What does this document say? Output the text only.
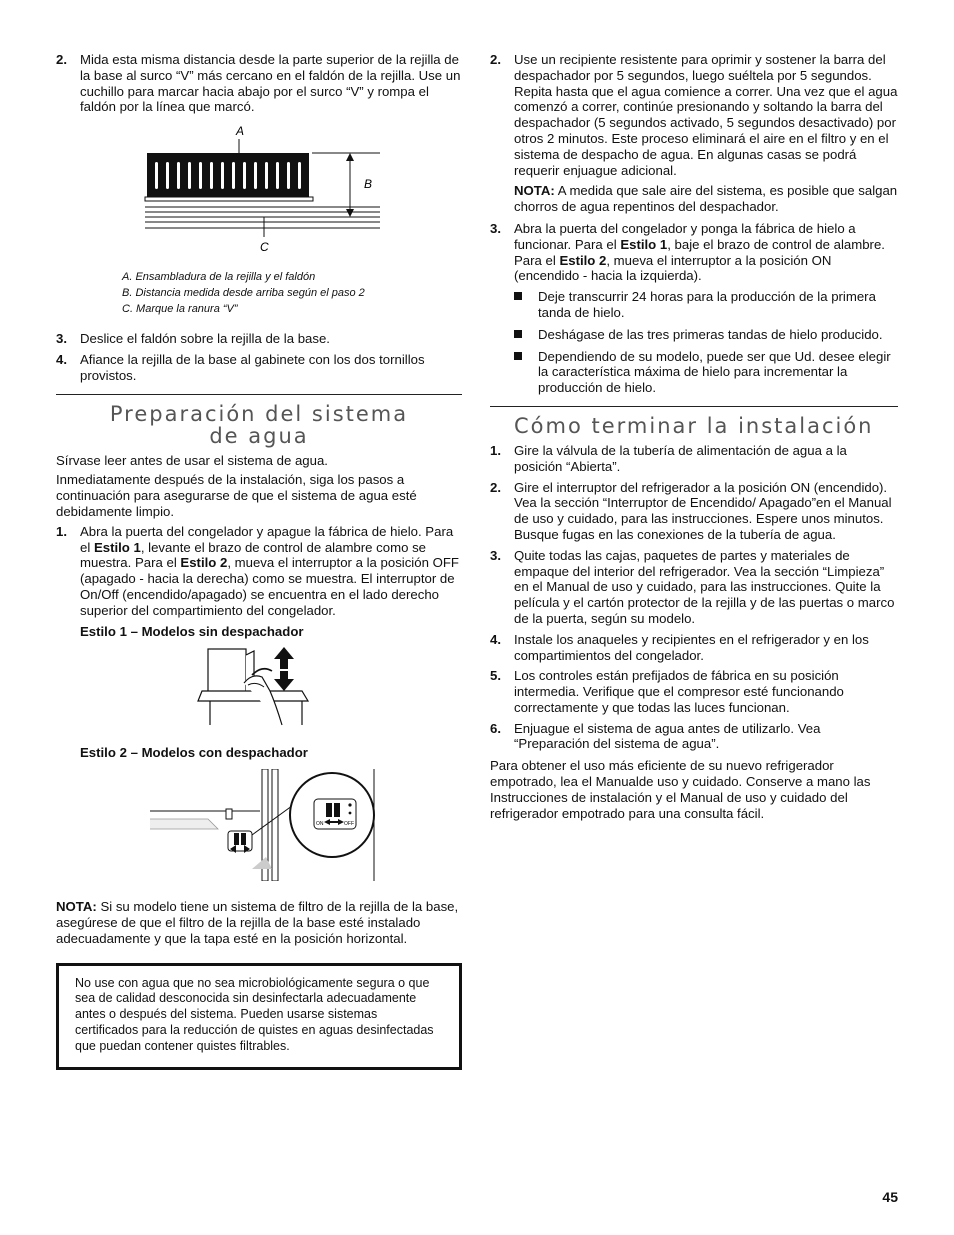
2. Mida esta misma distancia desde la parte superior de la rejilla de la base al surco “V” más cercano en el faldón de la rejilla. Use un cuchillo para marcar hacia abajo por el surco “V” y rompa el faldón por la línea que marcó.
A
B
C
A. Ensambladura de la rejilla y el faldón
B. Distancia medida desde arriba según el paso 2
C. Marque la ranura “V”
3. Deslice el faldón sobre la rejilla de la base.
4. Afiance la rejilla de la base al gabinete con los dos tornillos provistos.
Preparación del sistema
de agua

Sírvase leer antes de usar el sistema de agua.

Inmediatamente después de la instalación, siga los pasos a continuación para asegurarse de que el sistema de agua esté debidamente limpio.

1. Abra la puerta del congelador y apague la fábrica de hielo. Para el Estilo 1, levante el brazo de control de alambre como se muestra. Para el Estilo 2, mueva el interruptor a la posición OFF (apagado - hacia la derecha) como se muestra. El interruptor de On/Off (encendido/apagado) se encuentra en el lado derecho superior del compartimiento del congelador.
Estilo 1 – Modelos sin despachador
Estilo 2 – Modelos con despachador
ON	OFF

NOTA: Si su modelo tiene un sistema de filtro de la rejilla de la base, asegúrese de que el filtro de la rejilla de la base esté instalado adecuadamente y que la tapa esté en la posición horizontal.

No use con agua que no sea microbiológicamente segura o que sea de calidad desconocida sin desinfectarla adecuadamente antes o después del sistema. Pueden usarse sistemas certificados para la reducción de quistes en aguas desinfectadas que puedan contener quistes filtrables.
2. Use un recipiente resistente para oprimir y sostener la barra del despachador por 5 segundos, luego suéltela por 5 segundos. Repita hasta que el agua comience a correr. Una vez que el agua comenzó a correr, continúe presionando y soltando la barra del despachador (5 segundos activado, 5 segundos desactivado) por otros 2 minutos. Este proceso eliminará el aire en el filtro y en el sistema de despacho de agua. En algunas casas se podrá requerir enjuague adicional.

NOTA: A medida que sale aire del sistema, es posible que salgan chorros de agua repentinos del despachador.

3. Abra la puerta del congelador y ponga la fábrica de hielo a funcionar. Para el Estilo 1, baje el brazo de control de alambre. Para el Estilo 2, mueva el interruptor a la posición ON (encendido - hacia la izquierda).
Deje transcurrir 24 horas para la producción de la primera tanda de hielo.
Deshágase de las tres primeras tandas de hielo producido.
Dependiendo de su modelo, puede ser que Ud. desee elegir la característica máxima de hielo para incrementar la producción de hielo.
Cómo terminar la instalación
1. Gire la válvula de la tubería de alimentación de agua a la posición “Abierta”.
2. Gire el interruptor del refrigerador a la posición ON (encendido). Vea la sección “Interruptor de Encendido/ Apagado”en el Manual de uso y cuidado, para las instrucciones. Espere unos minutos. Busque fugas en las conexiones de la tubería de agua.
3. Quite todas las cajas, paquetes de partes y materiales de empaque del interior del refrigerador. Vea la sección “Limpieza” en el Manual de uso y cuidado, para las instrucciones. Quite la película y el cartón protector de la rejilla y de las puertas o marco de la puerta, según su modelo.
4. Instale los anaqueles y recipientes en el refrigerador y en los compartimientos del congelador.
5. Los controles están prefijados de fábrica en su posición intermedia. Verifique que el compresor esté funcionando correctamente y que todas las luces funcionan.
6. Enjuague el sistema de agua antes de utilizarlo. Vea “Preparación del sistema de agua”.

Para obtener el uso más eficiente de su nuevo refrigerador empotrado, lea el Manualde uso y cuidado. Conserve a mano las Instrucciones de instalación y el Manual de uso y cuidado del refrigerador empotrado para una consulta fácil.

45
